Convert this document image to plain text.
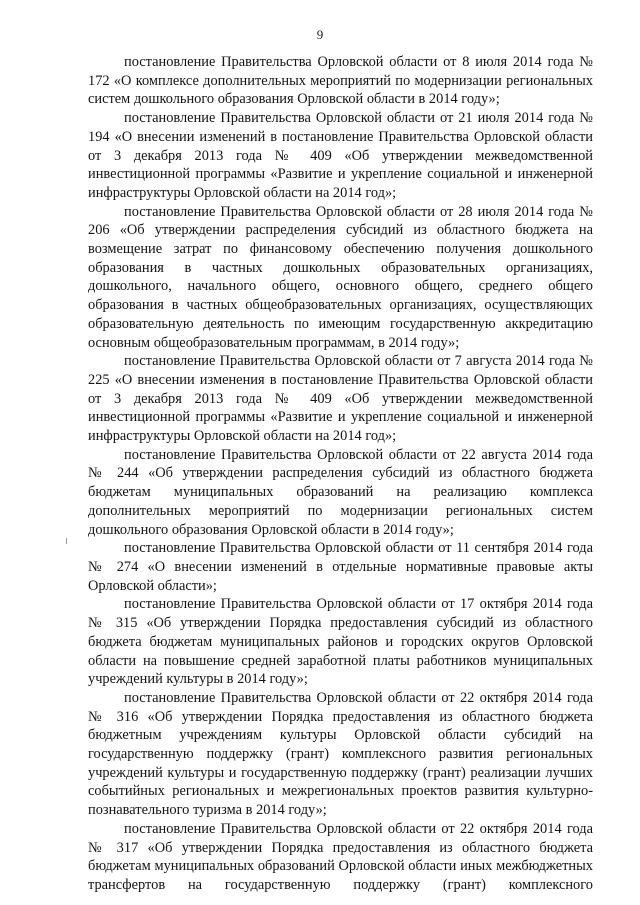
9

постановление Правительства Орловской области от 8 июля 2014 года № 172 «О комплексе дополнительных мероприятий по модернизации региональных систем дошкольного образования Орловской области в 2014 году»;

постановление Правительства Орловской области от 21 июля 2014 года № 194 «О внесении изменений в постановление Правительства Орловской области от 3 декабря 2013 года № 409 «Об утверждении межведомственной инвестиционной программы «Развитие и укрепление социальной и инженерной инфраструктуры Орловской области на 2014 год»;

постановление Правительства Орловской области от 28 июля 2014 года № 206 «Об утверждении распределения субсидий из областного бюджета на возмещение затрат по финансовому обеспечению получения дошкольного образования в частных дошкольных образовательных организациях, дошкольного, начального общего, основного общего, среднего общего образования в частных общеобразовательных организациях, осуществляющих образовательную деятельность по имеющим государственную аккредитацию основным общеобразовательным программам, в 2014 году»;

постановление Правительства Орловской области от 7 августа 2014 года № 225 «О внесении изменения в постановление Правительства Орловской области от 3 декабря 2013 года № 409 «Об утверждении межведомственной инвестиционной программы «Развитие и укрепление социальной и инженерной инфраструктуры Орловской области на 2014 год»;

постановление Правительства Орловской области от 22 августа 2014 года № 244 «Об утверждении распределения субсидий из областного бюджета бюджетам муниципальных образований на реализацию комплекса дополнительных мероприятий по модернизации региональных систем дошкольного образования Орловской области в 2014 году»;

постановление Правительства Орловской области от 11 сентября 2014 года № 274 «О внесении изменений в отдельные нормативные правовые акты Орловской области»;

постановление Правительства Орловской области от 17 октября 2014 года № 315 «Об утверждении Порядка предоставления субсидий из областного бюджета бюджетам муниципальных районов и городских округов Орловской области на повышение средней заработной платы работников муниципальных учреждений культуры в 2014 году»;

постановление Правительства Орловской области от 22 октября 2014 года № 316 «Об утверждении Порядка предоставления из областного бюджета бюджетным учреждениям культуры Орловской области субсидий на государственную поддержку (грант) комплексного развития региональных учреждений культуры и государственную поддержку (грант) реализации лучших событийных региональных и межрегиональных проектов развития культурно-познавательного туризма в 2014 году»;

постановление Правительства Орловской области от 22 октября 2014 года № 317 «Об утверждении Порядка предоставления из областного бюджета бюджетам муниципальных образований Орловской области иных межбюджетных трансфертов на государственную поддержку (грант) комплексного
